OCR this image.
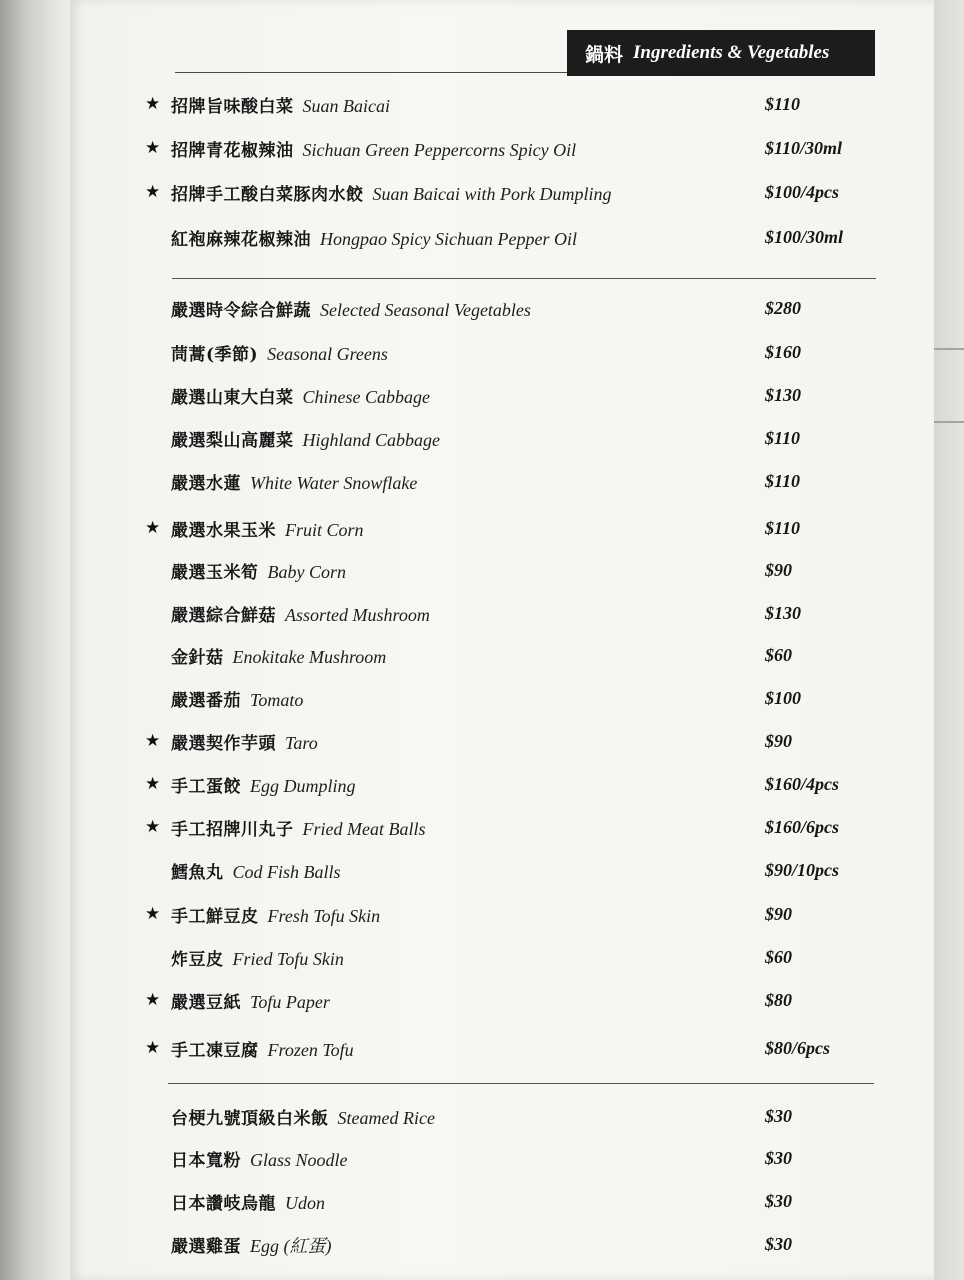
鍋料 Ingredients & Vegetables
★ 招牌旨味酸白菜 Suan Baicai	$110
★ 招牌青花椒辣油 Sichuan Green Peppercorns Spicy Oil	$110/30ml
★ 招牌手工酸白菜豚肉水餃 Suan Baicai with Pork Dumpling	$100/4pcs
紅袍麻辣花椒辣油 Hongpao Spicy Sichuan Pepper Oil	$100/30ml
嚴選時令綜合鮮蔬 Selected Seasonal Vegetables	$280
茼蒿(季節) Seasonal Greens	$160
嚴選山東大白菜 Chinese Cabbage	$130
嚴選梨山高麗菜 Highland Cabbage	$110
嚴選水蓮 White Water Snowflake	$110
★ 嚴選水果玉米 Fruit Corn	$110
嚴選玉米筍 Baby Corn	$90
嚴選綜合鮮菇 Assorted Mushroom	$130
金針菇 Enokitake Mushroom	$60
嚴選番茄 Tomato	$100
★ 嚴選契作芋頭 Taro	$90
★ 手工蛋餃 Egg Dumpling	$160/4pcs
★ 手工招牌川丸子 Fried Meat Balls	$160/6pcs
鱈魚丸 Cod Fish Balls	$90/10pcs
★ 手工鮮豆皮 Fresh Tofu Skin	$90
炸豆皮 Fried Tofu Skin	$60
★ 嚴選豆紙 Tofu Paper	$80
★ 手工凍豆腐 Frozen Tofu	$80/6pcs
台梗九號頂級白米飯 Steamed Rice	$30
日本寬粉 Glass Noodle	$30
日本讚岐烏龍 Udon	$30
嚴選雞蛋 Egg (紅蛋)	$30
